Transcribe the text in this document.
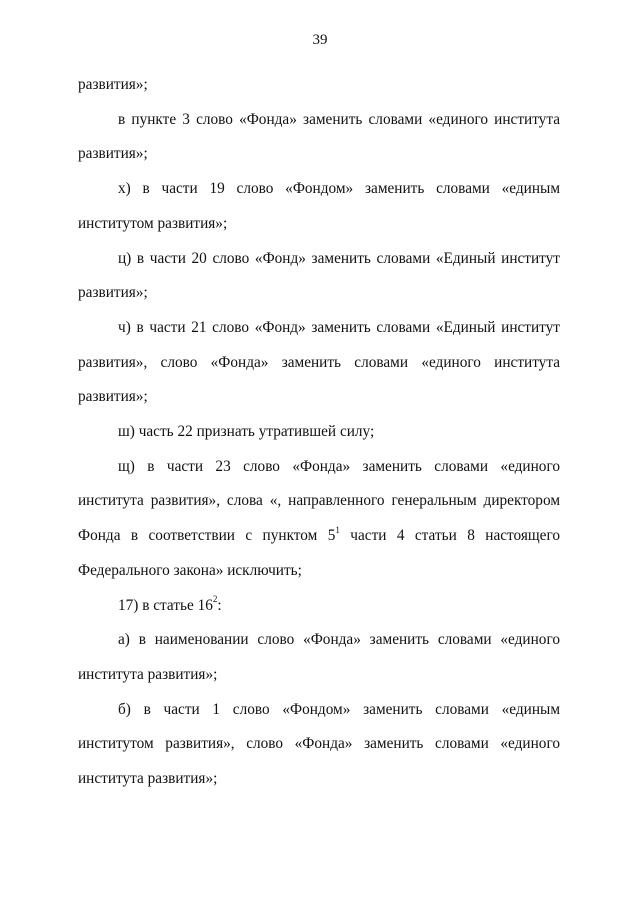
39

развития»;

в пункте 3 слово «Фонда» заменить словами «единого института развития»;

х) в части 19 слово «Фондом» заменить словами «единым институтом развития»;

ц) в части 20 слово «Фонд» заменить словами «Единый институт развития»;

ч) в части 21 слово «Фонд» заменить словами «Единый институт развития», слово «Фонда» заменить словами «единого института развития»;

ш) часть 22 признать утратившей силу;

щ) в части 23 слово «Фонда» заменить словами «единого института развития», слова «, направленного генеральным директором Фонда в соответствии с пунктом $5^1$ части 4 статьи 8 настоящего Федерального закона» исключить;

17) в статье $16^2$:

а) в наименовании слово «Фонда» заменить словами «единого института развития»;

б) в части 1 слово «Фондом» заменить словами «единым институтом развития», слово «Фонда» заменить словами «единого института развития»;
